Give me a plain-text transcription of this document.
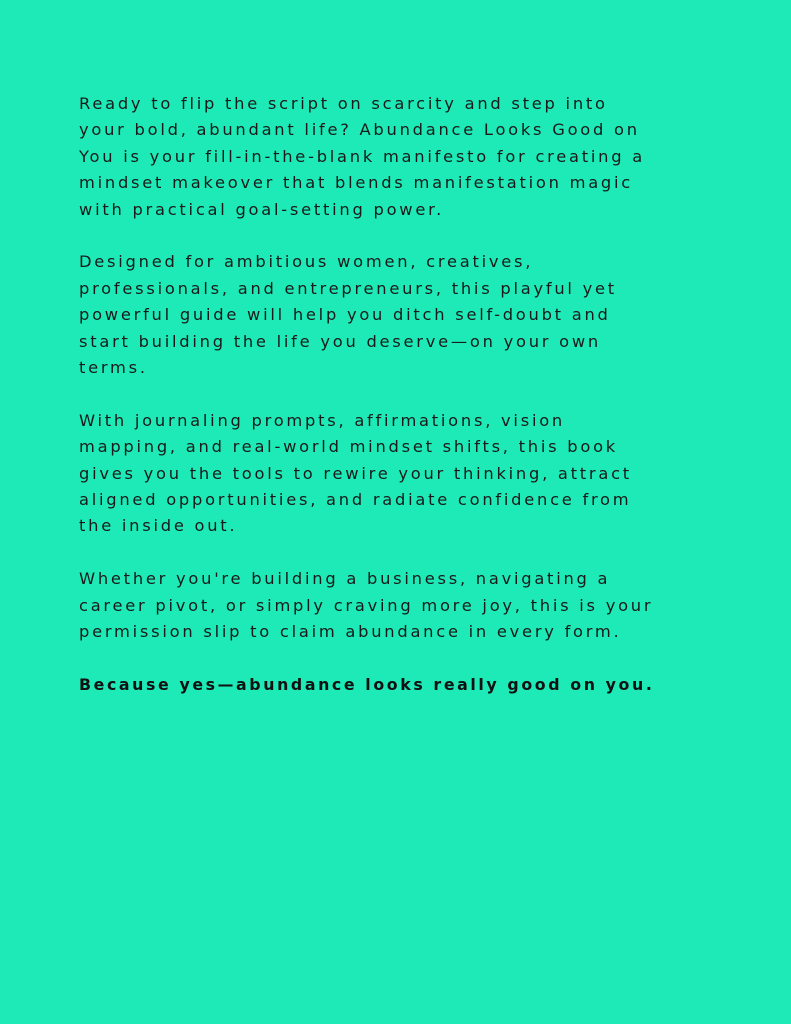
Ready to flip the script on scarcity and step into
your bold, abundant life? Abundance Looks Good on
You is your fill-in-the-blank manifesto for creating a
mindset makeover that blends manifestation magic
with practical goal-setting power.

Designed for ambitious women, creatives,
professionals, and entrepreneurs, this playful yet
powerful guide will help you ditch self-doubt and
start building the life you deserve—on your own
terms.

With journaling prompts, affirmations, vision
mapping, and real-world mindset shifts, this book
gives you the tools to rewire your thinking, attract
aligned opportunities, and radiate confidence from
the inside out.

Whether you're building a business, navigating a
career pivot, or simply craving more joy, this is your
permission slip to claim abundance in every form.

Because yes—abundance looks really good on you.
